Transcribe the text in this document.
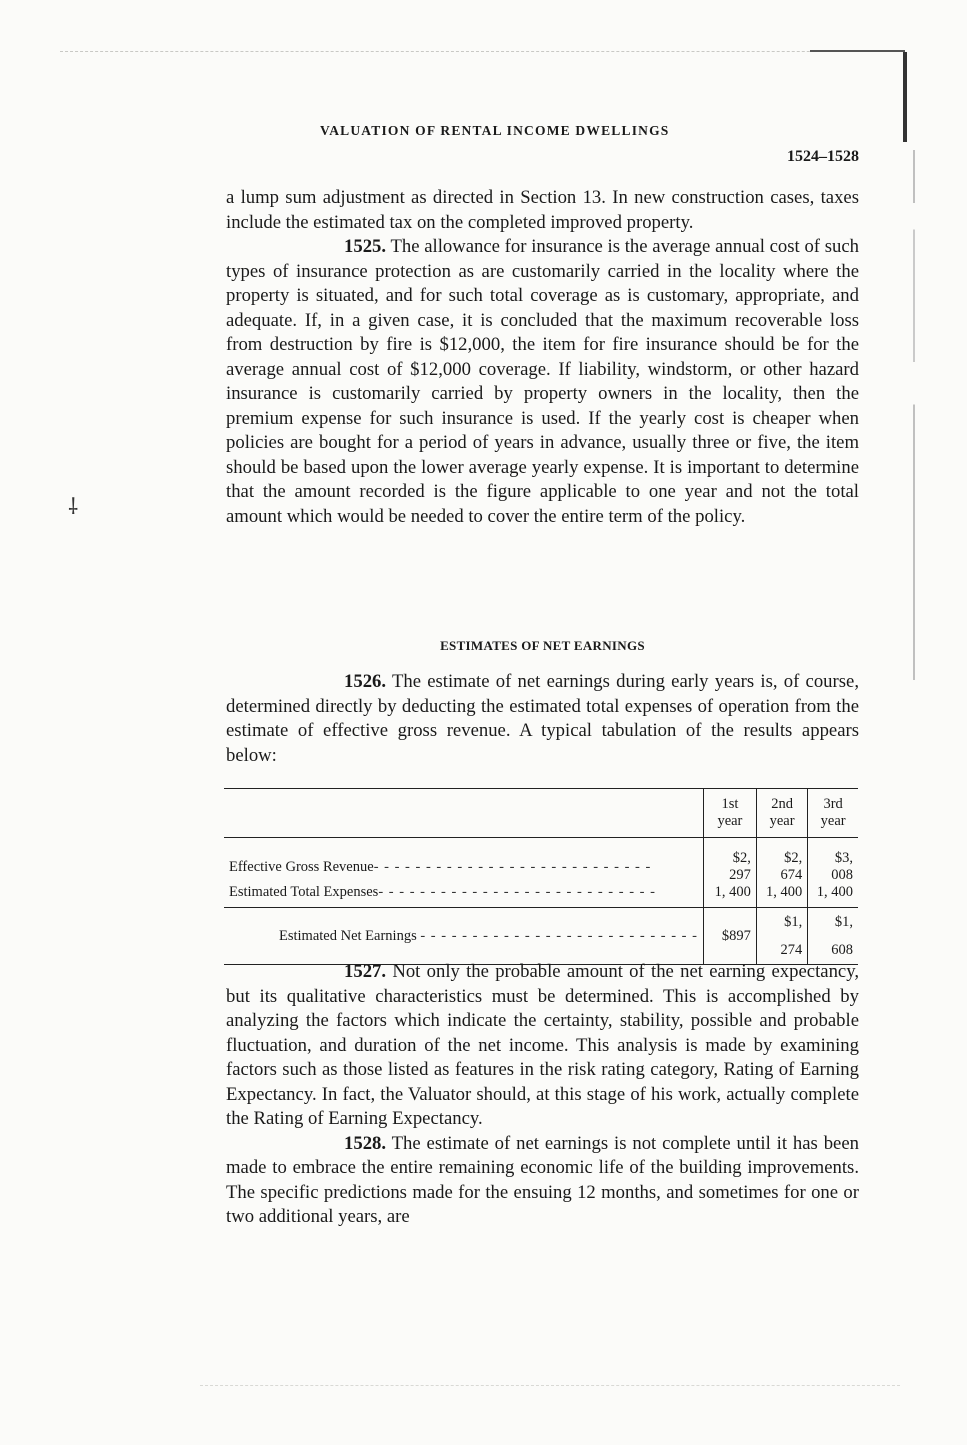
⸸
VALUATION OF RENTAL INCOME DWELLINGS
1524–1528

a lump sum adjustment as directed in Section 13. In new construction cases, taxes include the estimated tax on the completed improved property.

1525. The allowance for insurance is the average annual cost of such types of insurance protection as are customarily carried in the locality where the property is situated, and for such total coverage as is customary, appropriate, and adequate. If, in a given case, it is concluded that the maximum recoverable loss from destruction by fire is $12,000, the item for fire insurance should be for the average annual cost of $12,000 coverage. If liability, windstorm, or other hazard insurance is customarily carried by property owners in the locality, then the premium expense for such insurance is used. If the yearly cost is cheaper when policies are bought for a period of years in advance, usually three or five, the item should be based upon the lower average yearly expense. It is important to determine that the amount recorded is the figure applicable to one year and not the total amount which would be needed to cover the entire term of the policy.

ESTIMATES OF NET EARNINGS

1526. The estimate of net earnings during early years is, of course, determined directly by deducting the estimated total expenses of operation from the estimate of effective gross revenue. A typical tabulation of the results appears below:

	1st year	2nd year	3rd year

Effective Gross Revenue- - - - - - - - - - - - - - - - - - - - - - - - - - -	$2, 297	$2, 674	$3, 008
Estimated Total Expenses- - - - - - - - - - - - - - - - - - - - - - - - - - -	1, 400	1, 400	1, 400

Estimated Net Earnings - - - - - - - - - - - - - - - - - - - - - - - - - - -	$897	$1, 274	$1, 608

1527. Not only the probable amount of the net earning expectancy, but its qualitative characteristics must be determined. This is accomplished by analyzing the factors which indicate the certainty, stability, possible and probable fluctuation, and duration of the net income. This analysis is made by examining factors such as those listed as features in the risk rating category, Rating of Earning Expectancy. In fact, the Valuator should, at this stage of his work, actually complete the Rating of Earning Expectancy.

1528. The estimate of net earnings is not complete until it has been made to embrace the entire remaining economic life of the building improvements. The specific predictions made for the ensuing 12 months, and sometimes for one or two additional years, are
